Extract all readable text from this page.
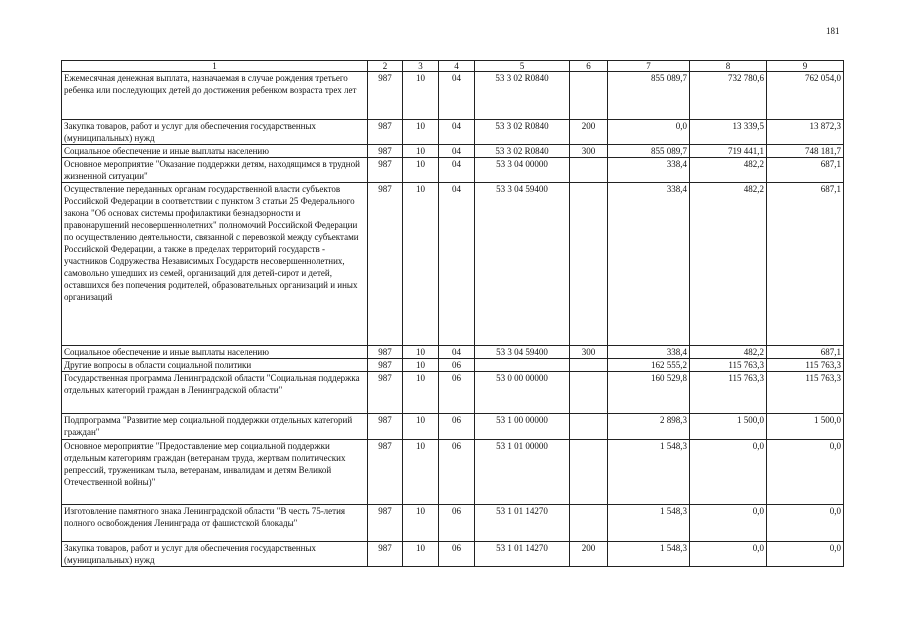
181
1	2	3	4	5	6	7	8	9
Ежемесячная денежная выплата, назначаемая в случае рождения третьего ребенка или последующих детей до достижения ребенком возраста трех лет	987	10	04	53 3 02 R0840		855 089,7	732 780,6	762 054,0
Закупка товаров, работ и услуг для обеспечения государственных (муниципальных) нужд	987	10	04	53 3 02 R0840	200	0,0	13 339,5	13 872,3
Социальное обеспечение и иные выплаты населению	987	10	04	53 3 02 R0840	300	855 089,7	719 441,1	748 181,7
Основное мероприятие "Оказание поддержки детям, находящимся в трудной жизненной ситуации"	987	10	04	53 3 04 00000		338,4	482,2	687,1
Осуществление переданных органам государственной власти субъектов Российской Федерации в соответствии с пунктом 3 статьи 25 Федерального закона "Об основах системы профилактики безнадзорности и правонарушений несовершеннолетних" полномочий Российской Федерации по осуществлению деятельности, связанной с перевозкой между субъектами Российской Федерации, а также в пределах территорий государств - участников Содружества Независимых Государств несовершеннолетних, самовольно ушедших из семей, организаций для детей-сирот и детей, оставшихся без попечения родителей, образовательных организаций и иных организаций	987	10	04	53 3 04 59400		338,4	482,2	687,1
Социальное обеспечение и иные выплаты населению	987	10	04	53 3 04 59400	300	338,4	482,2	687,1
Другие вопросы в области социальной политики	987	10	06			162 555,2	115 763,3	115 763,3
Государственная программа Ленинградской области "Социальная поддержка отдельных категорий граждан в Ленинградской области"	987	10	06	53 0 00 00000		160 529,8	115 763,3	115 763,3
Подпрограмма "Развитие мер социальной поддержки отдельных категорий граждан"	987	10	06	53 1 00 00000		2 898,3	1 500,0	1 500,0
Основное мероприятие "Предоставление мер социальной поддержки отдельным категориям граждан (ветеранам труда, жертвам политических репрессий, труженикам тыла, ветеранам, инвалидам и детям Великой Отечественной войны)"	987	10	06	53 1 01 00000		1 548,3	0,0	0,0
Изготовление памятного знака Ленинградской области "В честь 75-летия полного освобождения Ленинграда от фашистской блокады"	987	10	06	53 1 01 14270		1 548,3	0,0	0,0
Закупка товаров, работ и услуг для обеспечения государственных (муниципальных) нужд	987	10	06	53 1 01 14270	200	1 548,3	0,0	0,0
